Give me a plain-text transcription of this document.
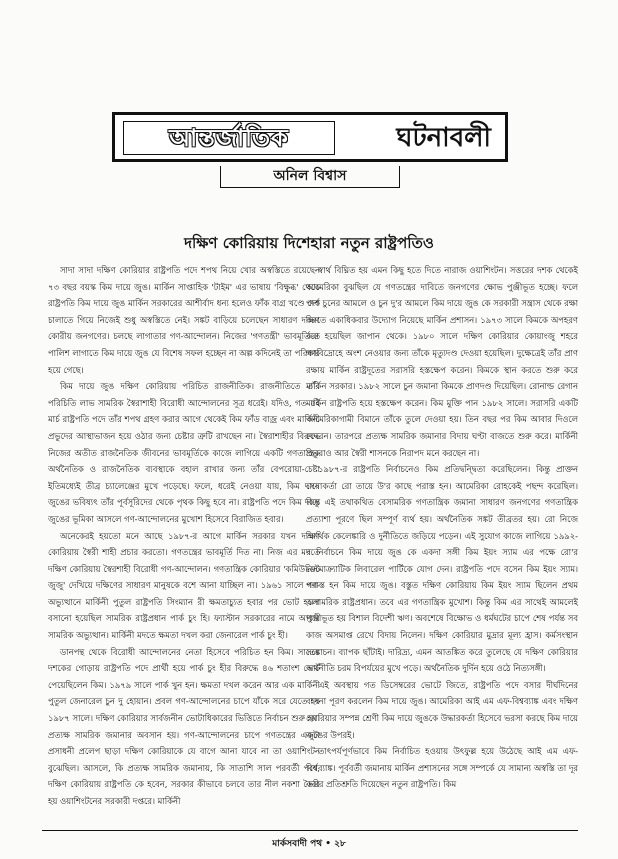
আন্তর্জাতিক	ঘটনাবলী
অনিল বিশ্বাস
দক্ষিণ কোরিয়ায় দিশেহারা নতুন রাষ্ট্রপতিও

সাদা সাদা দক্ষিণ কোরিয়ার রাষ্ট্রপতি পদে শপথ নিয়ে খোর অস্বস্তিতে রয়েছেন ৭৩ বছর বয়স্ক কিম দায়ে জুঙ। মার্কিন সাপ্তাহিক 'টাইম' এর ভাষায় 'বিক্ষুব্ধ' থেকে রাষ্ট্রপতি কিম দায়ে জুঙ মার্কিন সরকারের আশীর্বাদ ধন্য হলেও ফাঁক বাগ্র খণ্ডে দেশ চালাতে গিয়ে নিজেই শুধু অস্বস্তিতে নেই। সঙ্কট বাড়িয়ে চলেছেন সাধারণ দক্ষিণ কোরীয় জনগণের। চলছে লাগাতার গণ-আন্দোলন। নিজের 'গণতন্ত্রী' ভাবমূর্তিতে পালিশ লাগাতে কিম দায়ে জুঙ যে বিশেষ সফল হচ্ছেন না অল্প কদিনেই তা পরিষ্কার হয়ে গেছে।

কিম দায়ে জুঙ দক্ষিণ কোরিয়ায় পরিচিত রাজনীতিক। রাজনীতিতে তাঁর পরিচিতি লাভ সামরিক স্বৈরাশাহী বিরোধী আন্দোলনের সূত্র ধরেই। যদিও, গত ৫ই মার্চ রাষ্ট্রপতি পদে তাঁর শপথ গ্রহণ করার আগে থেকেই কিম ফাঁড বাজ্র এবং মার্কিনী প্রভুদের আস্থাভাজন হয়ে ওঠার জন্য চেষ্টার ত্রুটি রাখছেন না। স্বৈরাশাহীর বিরুদ্ধে নিজের অতীত রাজনৈতিক জীবনের ভাবমূর্তিকে কাজে লাগিয়ে একটি গণতান্ত্রিক অর্থনৈতিক ও রাজনৈতিক ব্যবস্থাকে বহাল রাখার জন্য তাঁর বেপরোয়া-চেষ্টা ইতিমধ্যেই তীব্র চ্যালেঞ্জের মুখে পড়েছে। ফলে, ধরেই নেওয়া যায়, কিম দায়ে জুঙের ভবিষ্যৎ তাঁর পূর্বসূরিদের থেকে পৃথক কিছু হবে না। রাষ্ট্রপতি পদে কিম দায়ে জুঙের ভূমিকা আসলে গণ-আন্দোলনের মুখোশ হিসেবে বিরাজিত হবার।

অনেকেরই হয়তো মনে আছে ১৯৮৭-র আগে মার্কিন সরকার যখন দক্ষিণ কোরিয়ায় স্বৈরী শাহী প্রচার করতো। গণতন্ত্রের ভাবমূর্তি দিত না। নিজ এর মদতে দক্ষিণ কোরিয়ায় স্বৈরশাহী বিরোধী গণ-আন্দোলন। গণতান্ত্রিক কোরিয়ার 'কমিউনিস্ট জুজু' দেখিয়ে দক্ষিণের সাধারণ মানুষকে বশে আনা যাচ্ছিল না। ১৯৬১ সালে গণ-অভ্যুত্থানে মার্কিনী পুতুল রাষ্ট্রপতি সিংম্যান রী ক্ষমতাচ্যুত হবার পর ভোট হলো বসানো হয়েছিল সামরিক রাষ্ট্রপ্রধান পার্ক চুং হি। ফ্যাস্টান সরকারের নামে আবার সামরিক অভ্যুত্থান। মার্কিনী মদতে ক্ষমতা দখল করা জেনারেল পার্ক চুং হী।

ডানপন্থ থেকে বিরোধী আন্দোলনের নেতা হিসেবে পরিচিত হন কিম। সাতের দশকের গোড়ায় রাষ্ট্রপতি পদে প্রার্থী হয়ে পার্ক চুং হীর বিরুদ্ধে ৪৬ শতাংশ ভোট পেয়েছিলেন কিম। ১৯৭৯ সালে পার্ক খুন হন। ক্ষমতা দখল করেন আর এক মার্কিনী পুতুল জেনারেল চুন দু হোয়ান। প্রবল গণ-আন্দোলনের চাপে যাঁকে সরে যেতে হয় ১৯৮৭ সালে। দক্ষিণ কোরিয়ার সার্বজনীন ভোটাধিকারের ভিত্তিতে নির্বাচন শুরু হয়। প্রত্যক্ষ সামরিক জমানার অবসান হয়। গণ-আন্দোলনের চাপে গণতন্ত্রের একটা প্রসাধনী প্রলেপ ছাড়া দক্ষিণ কোরিয়াকে যে বাগে আনা যাবে না তা ওয়াশিংটন বুঝেছিল। আসলে, কি প্রত্যক্ষ সামরিক জমানায়, কি সাতাশি সাল পরবর্তী পর্বে, দক্ষিণ কোরিয়ায় রাষ্ট্রপতি কে হবেন, সরকার কীভাবে চলবে তার নীল নকশা তৈরি হয় ওয়াশিংটনের সরকারী দপ্তরে। মার্কিনী

স্বার্থ বিঘ্নিত হয় এমন কিছু হতে দিতে নারাজ ওয়াশিংটন। সত্তরের দশক থেকেই আমেরিকা বুঝছিল যে গণতন্ত্রের দাবিতে জনগণের ক্ষোভ পুঞ্জীভূত হচ্ছে। ফলে পার্ক চুনের আমলে ও চুন দু'র আমলে কিম দায়ে জুঙ কে সরকারী সন্ত্রাস থেকে রক্ষা করতে একাধিকবার উদ্যোগ নিয়েছে মার্কিন প্রশাসন। ১৯৭৩ সালে কিমকে অপহরণ করা হয়েছিল জাপান থেকে। ১৯৮০ সালে দক্ষিণ কোরিয়ার কোয়াংজু শহরে গণবিদ্রোহে অংশ নেওয়ার জন্য তাঁকে মৃত্যুদণ্ড দেওয়া হয়েছিল। দুক্ষেত্রেই তাঁর প্রাণ রক্ষায় মার্কিন রাষ্ট্রদূতের সরাসরি হস্তক্ষেপ করেন। কিমকে স্থান করতে শুরু করে মার্কিন সরকার। ১৯৮২ সালে চুন জমানা কিমকে প্রাণদণ্ড দিয়েছিল। রোনাল্ড রেগান মার্কিন রাষ্ট্রপতি হয়ে হস্তক্ষেপ করেন। কিম মুক্তি পান ১৯৮২ সালে। সরাসরি একটি আমেরিকাগামী বিমানে তাঁকে তুলে দেওয়া হয়। তিন বছর পর কিম আবার দিওলে ফেরেন। তারপরে প্রত্যক্ষ সামরিক জমানার বিদায় ঘণ্টা বাজতে শুরু করে। মার্কিনী প্রভুরাও আর স্বৈরী শাসনকে নিরাপদ মনে করছেন না।

১৯৮৭-র রাষ্ট্রপতি নির্বাচনেও কিম প্রতিদ্বন্দ্বিতা করেছিলেন। কিন্তু প্রাক্তন সেনাকর্তা রো তায়ে উ'র কাছে পরাস্ত হন। আমেরিকা রোহকেই পছন্দ করেছিল। কিন্তু এই তথাকথিত বেসামরিক গণতান্ত্রিক জমানা সাধারণ জনগণের গণতান্ত্রিক প্রত্যাশা পূরণে ছিল সম্পূর্ণ ব্যর্থ হয়। অর্থনৈতিক সঙ্কট তীব্রতর হয়। রো নিজে আর্থিক কেলেঙ্কারি ও দুর্নীতিতে জড়িয়ে পড়েন। এই সুযোগ কাজে লাগিয়ে ১৯৯২-র নির্বাচনে কিম দায়ে জুঙ কে একদা সঙ্গী কিম ইয়ং স্যাম এর পক্ষে রো'র ডেমোক্র্যাটিক লিবারেল পার্টিকে যোগ দেন। রাষ্ট্রপতি পদে বসেন কিম ইয়ং স্যাম। পরাস্ত হন কিম দায়ে জুঙ। বস্তুত দক্ষিণ কোরিয়ায় কিম ইয়ং স্যাম ছিলেন প্রথম অসামরিক রাষ্ট্রপ্রধান। তবে এর গণতান্ত্রিক মুখোশ। কিন্তু কিম এর সাথেই আমলেই পুঞ্জীভূত হয় বিশাল বিদেশী ঋণ। অবশেষে বিক্ষোভ ও ধর্মঘটের চাপে শেষ পর্যন্ত সব কাজ অসমাপ্ত রেখে বিদায় নিলেন। দক্ষিণ কোরিয়ার মুদ্রার মূল্য হ্রাস। কর্মসংস্থান সঙ্কোচন। ব্যাপক ছাঁটাই। দারিদ্র্য, এমন আতঙ্কিত করে তুলেছে যে দক্ষিণ কোরিয়ার অর্থনীতি চরম বিপর্যয়ের মুখে পড়ে। অর্থনৈতিক দুর্দিন হয়ে ওঠে নিত্যসঙ্গী।

এই অবস্থায় গত ডিসেম্বরের ভোটে জিতে, রাষ্ট্রপতি পদে বসার দীর্ঘদিনের বাসনা পূরণ করলেন কিম দায়ে জুঙ। আমেরিকা আই এম এফ-বিশ্বব্যাঙ্ক এবং দক্ষিণ কোরিয়ার সম্পন্ন শ্রেণী কিম দায়ে জুঙকে উদ্ধারকর্তা হিসেবে ভরসা করছে কিম দায়ে জুঙের উপরই।

তাৎপর্যপূর্ণভাবে কিম নির্বাচিত হওয়ায় উৎফুল্ল হয়ে উঠেছে আই এম এফ-বিশ্বব্যাঙ্ক। পূর্ববর্তী জমানায় মার্কিন প্রশাসনের সঙ্গে সম্পর্কে যে সামান্য অস্বস্তি তা দূর করার প্রতিশ্রুতি দিয়েছেন নতুন রাষ্ট্রপতি। কিম

মার্কসবাদী পথ • ২৮
